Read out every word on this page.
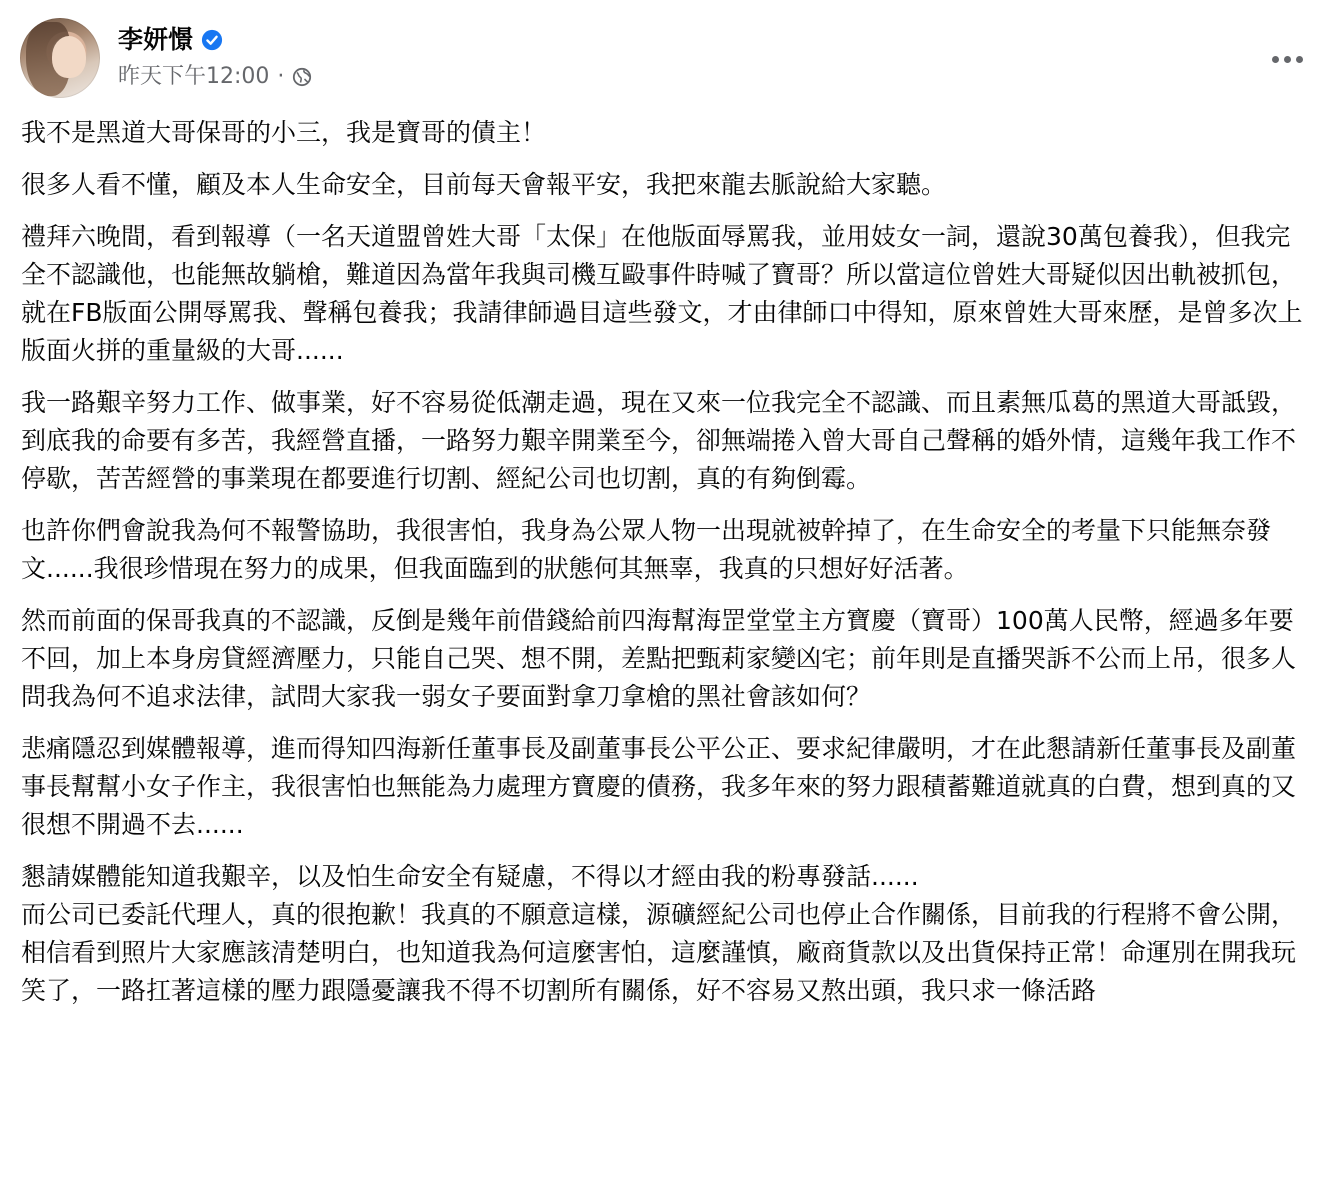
李妍憬
昨天下午12:00 ·

我不是黑道大哥保哥的小三，我是寶哥的債主！

很多人看不懂，顧及本人生命安全，目前每天會報平安，我把來龍去脈說給大家聽。

禮拜六晚間，看到報導（一名天道盟曾姓大哥「太保」在他版面辱罵我，並用妓女一詞，還說30萬包養我），但我完全不認識他，也能無故躺槍，難道因為當年我與司機互毆事件時喊了寶哥？所以當這位曾姓大哥疑似因出軌被抓包，就在FB版面公開辱罵我、聲稱包養我；我請律師過目這些發文，才由律師口中得知，原來曾姓大哥來歷，是曾多次上版面火拼的重量級的大哥......

我一路艱辛努力工作、做事業，好不容易從低潮走過，現在又來一位我完全不認識、而且素無瓜葛的黑道大哥詆毀，到底我的命要有多苦，我經營直播，一路努力艱辛開業至今，卻無端捲入曾大哥自己聲稱的婚外情，這幾年我工作不停歇，苦苦經營的事業現在都要進行切割、經紀公司也切割，真的有夠倒霉。

也許你們會說我為何不報警協助，我很害怕，我身為公眾人物一出現就被幹掉了，在生命安全的考量下只能無奈發文......我很珍惜現在努力的成果，但我面臨到的狀態何其無辜，我真的只想好好活著。

然而前面的保哥我真的不認識，反倒是幾年前借錢給前四海幫海罡堂堂主方寶慶（寶哥）100萬人民幣，經過多年要不回，加上本身房貸經濟壓力，只能自己哭、想不開，差點把甄莉家變凶宅；前年則是直播哭訴不公而上吊，很多人問我為何不追求法律，試問大家我一弱女子要面對拿刀拿槍的黑社會該如何？

悲痛隱忍到媒體報導，進而得知四海新任董事長及副董事長公平公正、要求紀律嚴明，才在此懇請新任董事長及副董事長幫幫小女子作主，我很害怕也無能為力處理方寶慶的債務，我多年來的努力跟積蓄難道就真的白費，想到真的又很想不開過不去......

懇請媒體能知道我艱辛，以及怕生命安全有疑慮，不得以才經由我的粉專發話......

而公司已委託代理人，真的很抱歉！我真的不願意這樣，源礦經紀公司也停止合作關係，目前我的行程將不會公開，相信看到照片大家應該清楚明白，也知道我為何這麼害怕，這麼謹慎，廠商貨款以及出貨保持正常！命運別在開我玩笑了，一路扛著這樣的壓力跟隱憂讓我不得不切割所有關係，好不容易又熬出頭，我只求一條活路
